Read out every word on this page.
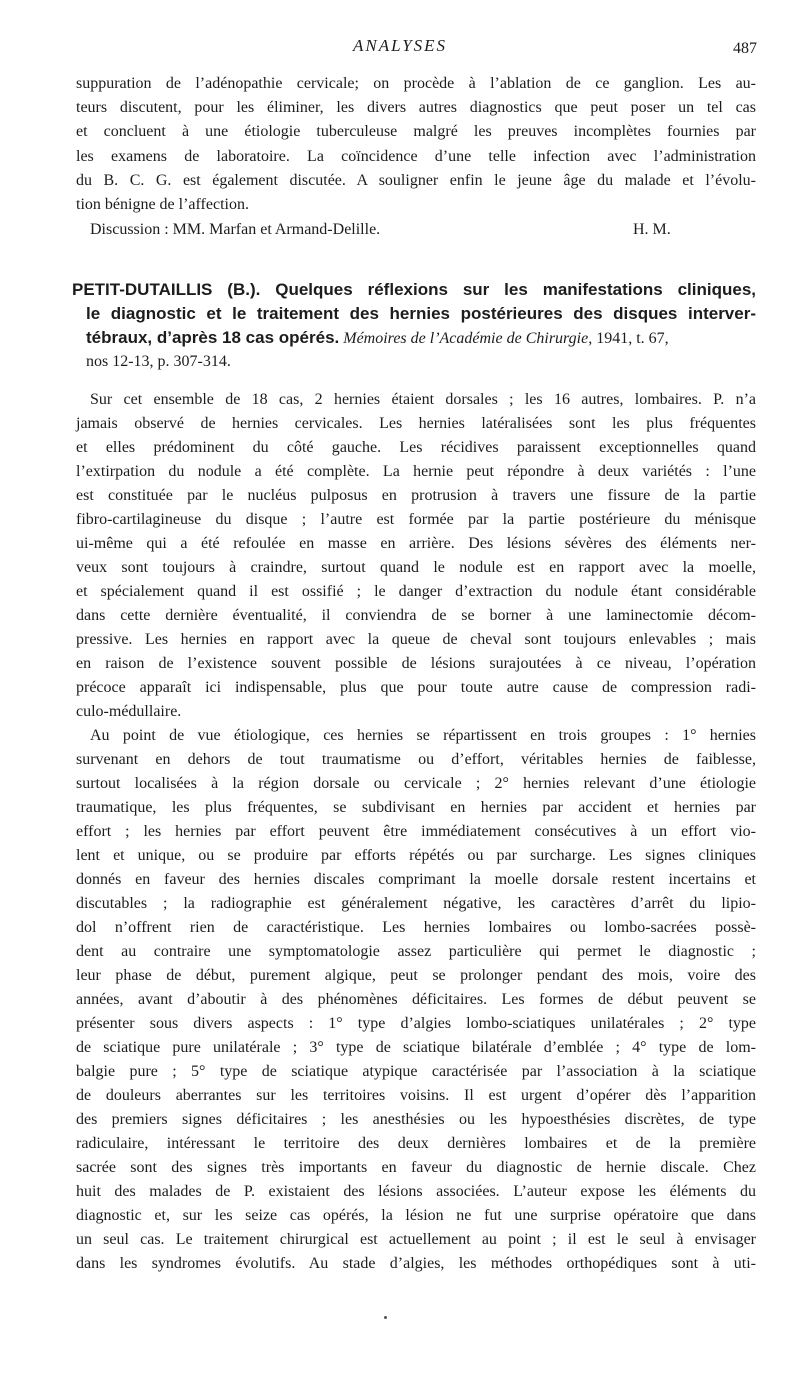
ANALYSES	487
suppuration de l’adénopathie cervicale; on procède à l’ablation de ce ganglion. Les au-
teurs discutent, pour les éliminer, les divers autres diagnostics que peut poser un tel cas
et concluent à une étiologie tuberculeuse malgré les preuves incomplètes fournies par
les examens de laboratoire. La coïncidence d’une telle infection avec l’administration
du B. C. G. est également discutée. A souligner enfin le jeune âge du malade et l’évolu-
tion bénigne de l’affection.
Discussion : MM. Marfan et Armand-Delille.	H. M.
PETIT-DUTAILLIS (B.). Quelques réflexions sur les manifestations cliniques,
le diagnostic et le traitement des hernies postérieures des disques interver-
tébraux, d’après 18 cas opérés. Mémoires de l’Académie de Chirurgie, 1941, t. 67,
nos 12-13, p. 307-314.
Sur cet ensemble de 18 cas, 2 hernies étaient dorsales ; les 16 autres, lombaires. P. n’a
jamais observé de hernies cervicales. Les hernies latéralisées sont les plus fréquentes
et elles prédominent du côté gauche. Les récidives paraissent exceptionnelles quand
l’extirpation du nodule a été complète. La hernie peut répondre à deux variétés : l’une
est constituée par le nucléus pulposus en protrusion à travers une fissure de la partie
fibro-cartilagineuse du disque ; l’autre est formée par la partie postérieure du ménisque
ui-même qui a été refoulée en masse en arrière. Des lésions sévères des éléments ner-
veux sont toujours à craindre, surtout quand le nodule est en rapport avec la moelle,
et spécialement quand il est ossifié ; le danger d’extraction du nodule étant considérable
dans cette dernière éventualité, il conviendra de se borner à une laminectomie décom-
pressive. Les hernies en rapport avec la queue de cheval sont toujours enlevables ; mais
en raison de l’existence souvent possible de lésions surajoutées à ce niveau, l’opération
précoce apparaît ici indispensable, plus que pour toute autre cause de compression radi-
culo-médullaire.
Au point de vue étiologique, ces hernies se répartissent en trois groupes : 1° hernies
survenant en dehors de tout traumatisme ou d’effort, véritables hernies de faiblesse,
surtout localisées à la région dorsale ou cervicale ; 2° hernies relevant d’une étiologie
traumatique, les plus fréquentes, se subdivisant en hernies par accident et hernies par
effort ; les hernies par effort peuvent être immédiatement consécutives à un effort vio-
lent et unique, ou se produire par efforts répétés ou par surcharge. Les signes cliniques
donnés en faveur des hernies discales comprimant la moelle dorsale restent incertains et
discutables ; la radiographie est généralement négative, les caractères d’arrêt du lipio-
dol n’offrent rien de caractéristique. Les hernies lombaires ou lombo-sacrées possè-
dent au contraire une symptomatologie assez particulière qui permet le diagnostic ;
leur phase de début, purement algique, peut se prolonger pendant des mois, voire des
années, avant d’aboutir à des phénomènes déficitaires. Les formes de début peuvent se
présenter sous divers aspects : 1° type d’algies lombo-sciatiques unilatérales ; 2° type
de sciatique pure unilatérale ; 3° type de sciatique bilatérale d’emblée ; 4° type de lom-
balgie pure ; 5° type de sciatique atypique caractérisée par l’association à la sciatique
de douleurs aberrantes sur les territoires voisins. Il est urgent d’opérer dès l’apparition
des premiers signes déficitaires ; les anesthésies ou les hypoesthésies discrètes, de type
radiculaire, intéressant le territoire des deux dernières lombaires et de la première
sacrée sont des signes très importants en faveur du diagnostic de hernie discale. Chez
huit des malades de P. existaient des lésions associées. L’auteur expose les éléments du
diagnostic et, sur les seize cas opérés, la lésion ne fut une surprise opératoire que dans
un seul cas. Le traitement chirurgical est actuellement au point ; il est le seul à envisager
dans les syndromes évolutifs. Au stade d’algies, les méthodes orthopédiques sont à uti-
